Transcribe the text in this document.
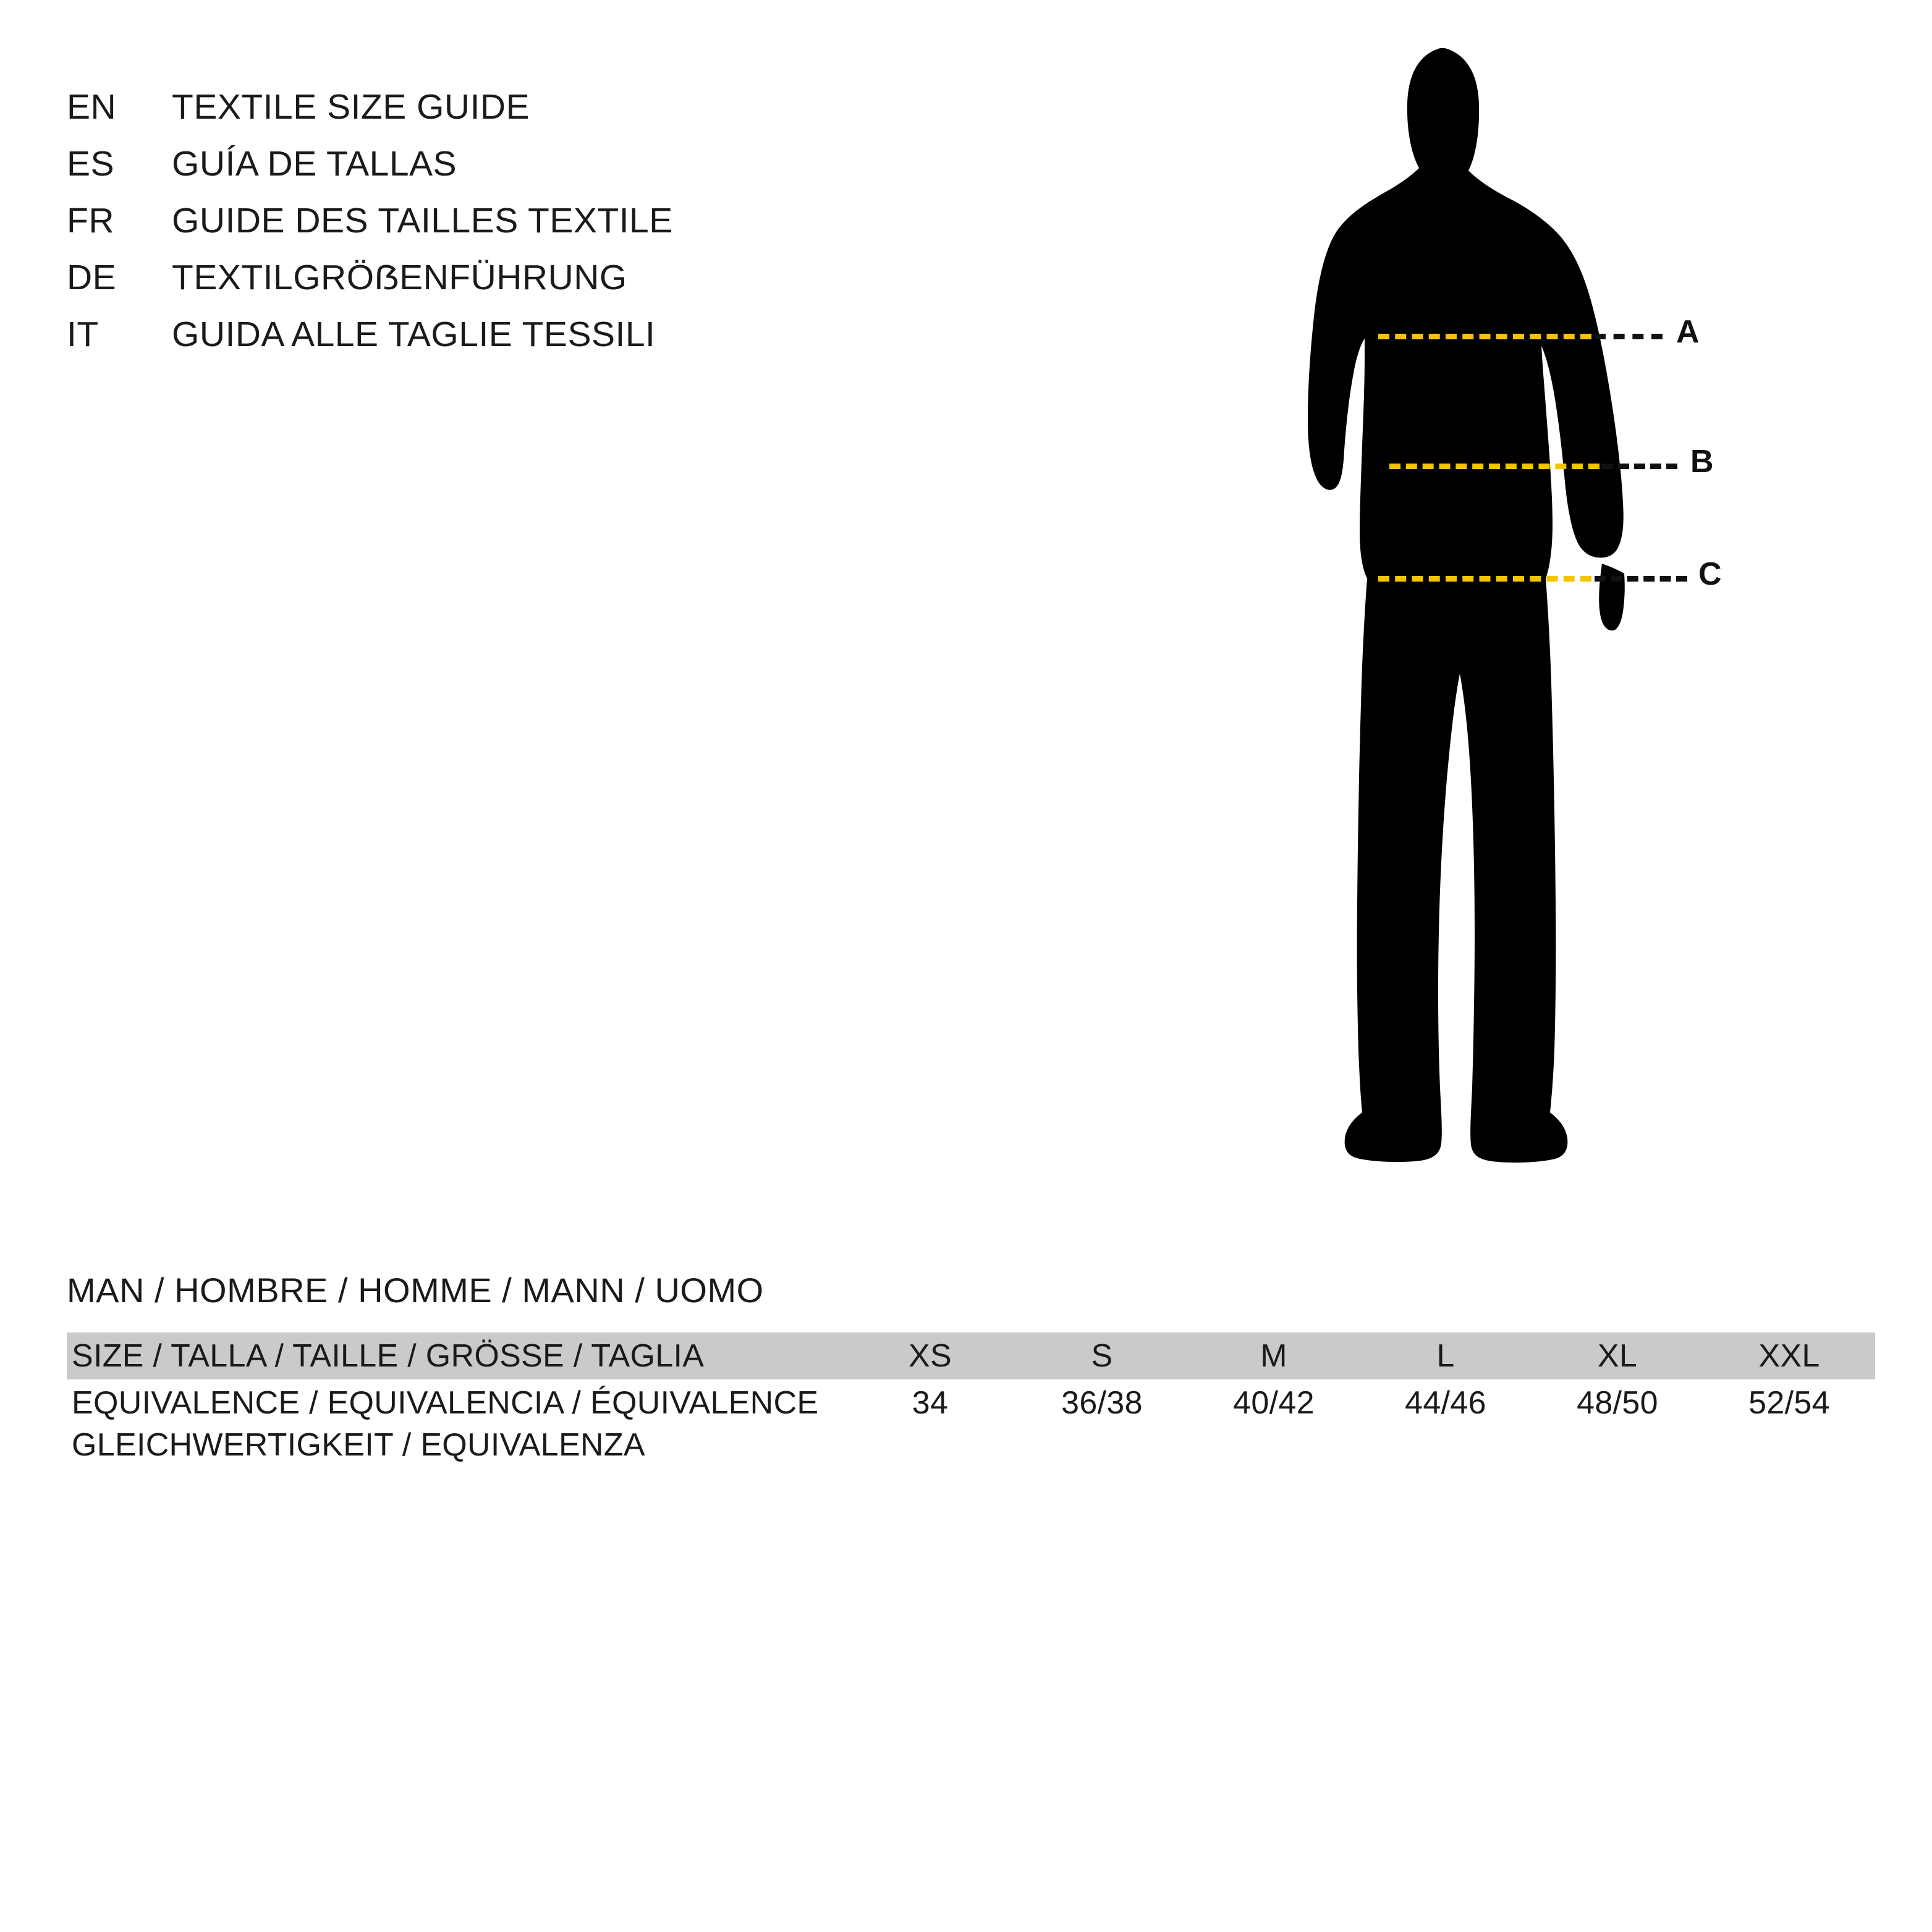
EN	TEXTILE SIZE GUIDE
ES	GUÍA DE TALLAS
FR	GUIDE DES TAILLES TEXTILE
DE	TEXTILGRÖẞENFÜHRUNG
IT	GUIDA ALLE TAGLIE TESSILI	A
B
C
MAN / HOMBRE / HOMME / MANN / UOMO
SIZE / TALLA / TAILLE / GRÖSSE / TAGLIA	XS	S	M	L	XL	XXL
EQUIVALENCE / EQUIVALENCIA / ÉQUIVALENCE	34	36/38	40/42	44/46	48/50	52/54
GLEICHWERTIGKEIT / EQUIVALENZA						
